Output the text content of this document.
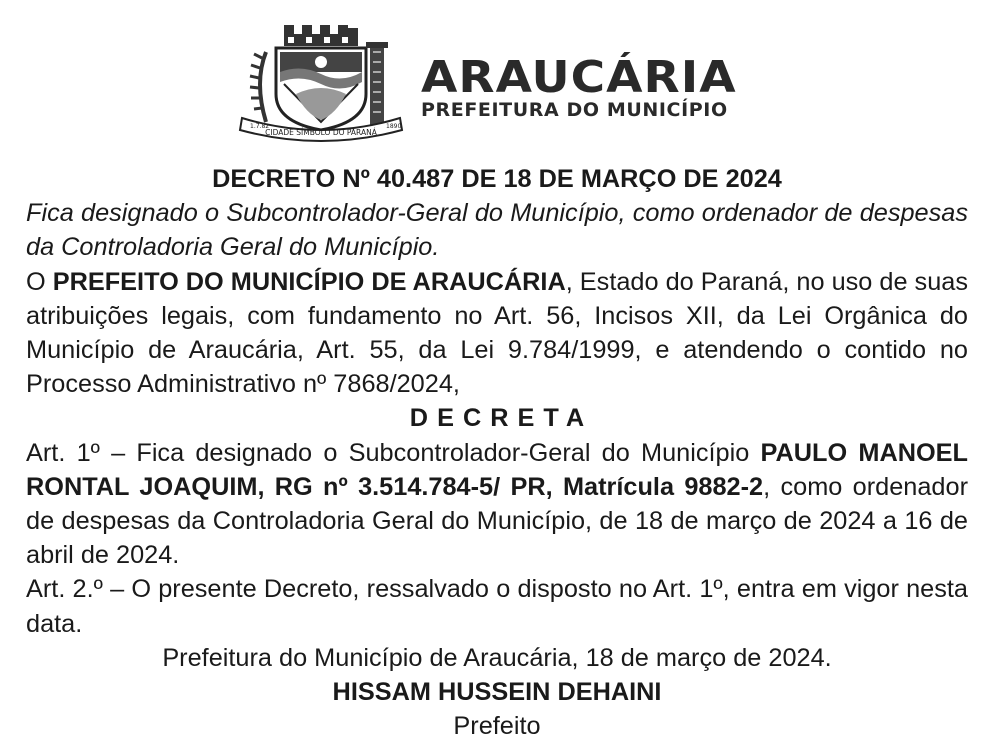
CIDADE SÍMBOLO DO PARANÁ
1.7.82	1890
ARAUCÁRIA
PREFEITURA DO MUNICÍPIO

DECRETO Nº 40.487 DE 18 DE MARÇO DE 2024

Fica designado o Subcontrolador-Geral do Município, como ordenador de despesas da Controladoria Geral do Município.

O PREFEITO DO MUNICÍPIO DE ARAUCÁRIA, Estado do Paraná, no uso de suas atribuições legais, com fundamento no Art. 56, Incisos XII, da Lei Orgânica do Município de Araucária, Art. 55, da Lei 9.784/1999, e atendendo o contido no Processo Administrativo nº 7868/2024,

DECRETA

Art. 1º – Fica designado o Subcontrolador-Geral do Município PAULO MANOEL RONTAL JOAQUIM, RG nº 3.514.784-5/ PR, Matrícula 9882-2, como ordenador de despesas da Controladoria Geral do Município, de 18 de março de 2024 a 16 de abril de 2024.

Art. 2.º – O presente Decreto, ressalvado o disposto no Art. 1º, entra em vigor nesta data.

Prefeitura do Município de Araucária, 18 de março de 2024.

HISSAM HUSSEIN DEHAINI

Prefeito
